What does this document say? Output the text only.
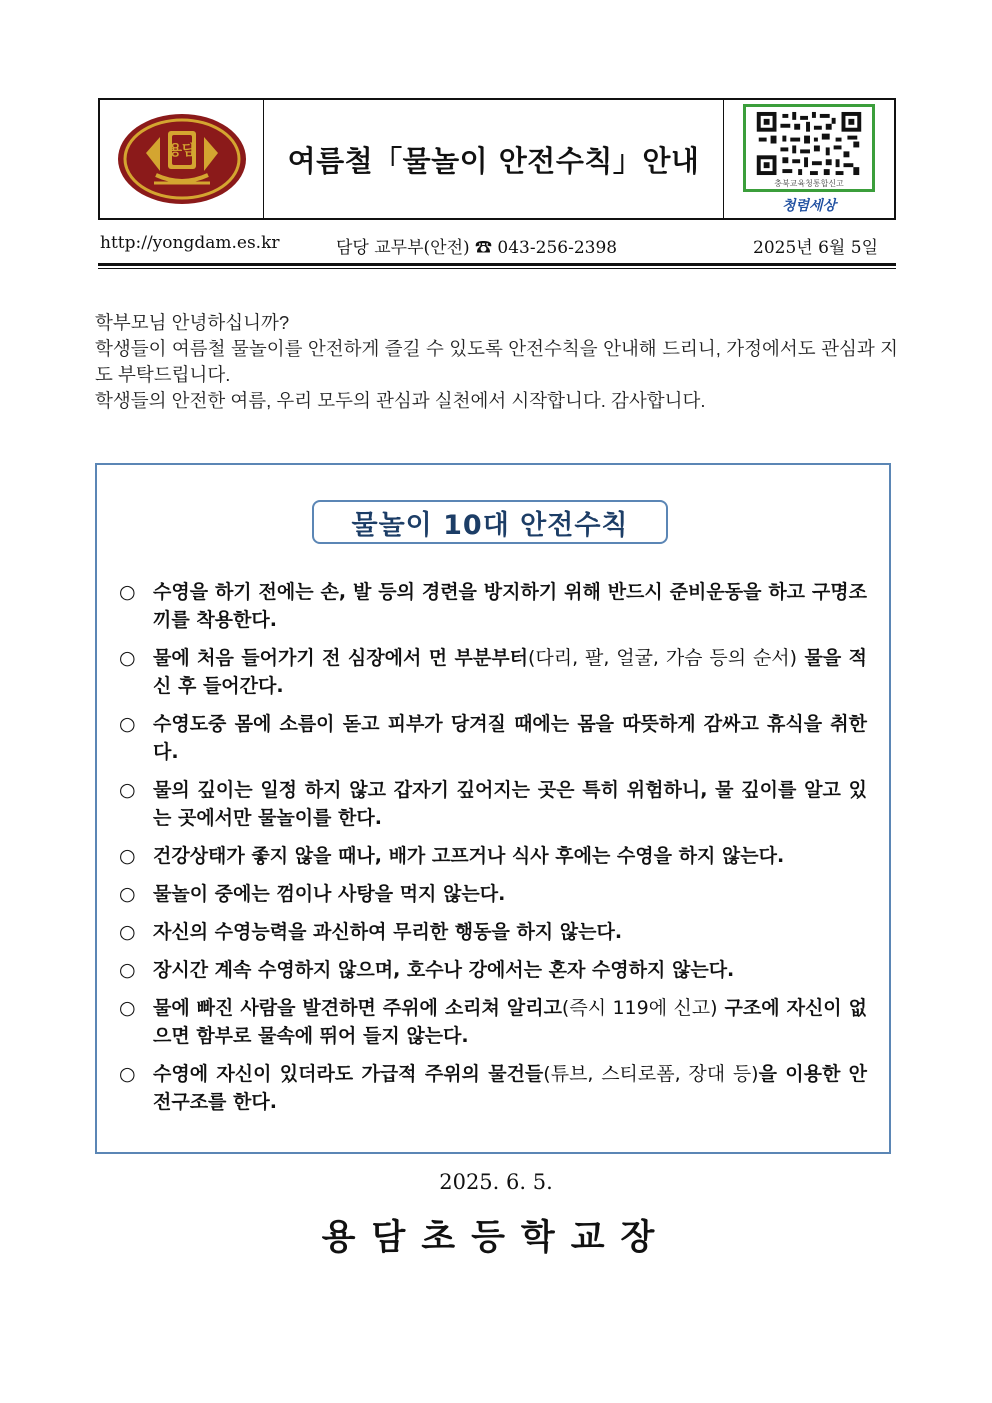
용담	여름철「물놀이 안전수칙」안내
충북교육청통합신고
청렴세상
http://yongdam.es.kr	담당 교무부(안전) ☎ 043-256-2398	2025년 6월 5일

학부모님 안녕하십니까?

학생들이 여름철 물놀이를 안전하게 즐길 수 있도록 안전수칙을 안내해 드리니, 가정에서도 관심과 지도 부탁드립니다.

학생들의 안전한 여름, 우리 모두의 관심과 실천에서 시작합니다. 감사합니다.

물놀이 10대 안전수칙
○ 수영을 하기 전에는 손, 발 등의 경련을 방지하기 위해 반드시 준비운동을 하고 구명조끼를 착용한다.
○ 물에 처음 들어가기 전 심장에서 먼 부분부터(다리, 팔, 얼굴, 가슴 등의 순서) 물을 적신 후 들어간다.
○ 수영도중 몸에 소름이 돋고 피부가 당겨질 때에는 몸을 따뜻하게 감싸고 휴식을 취한다.
○ 물의 깊이는 일정 하지 않고 갑자기 깊어지는 곳은 특히 위험하니, 물 깊이를 알고 있는 곳에서만 물놀이를 한다.
○ 건강상태가 좋지 않을 때나, 배가 고프거나 식사 후에는 수영을 하지 않는다.
○ 물놀이 중에는 껌이나 사탕을 먹지 않는다.
○ 자신의 수영능력을 과신하여 무리한 행동을 하지 않는다.
○ 장시간 계속 수영하지 않으며, 호수나 강에서는 혼자 수영하지 않는다.
○ 물에 빠진 사람을 발견하면 주위에 소리쳐 알리고(즉시 119에 신고) 구조에 자신이 없으면 함부로 물속에 뛰어 들지 않는다.
○ 수영에 자신이 있더라도 가급적 주위의 물건들(튜브, 스티로폼, 장대 등)을 이용한 안전구조를 한다.
2025. 6. 5.
용담초등학교장
